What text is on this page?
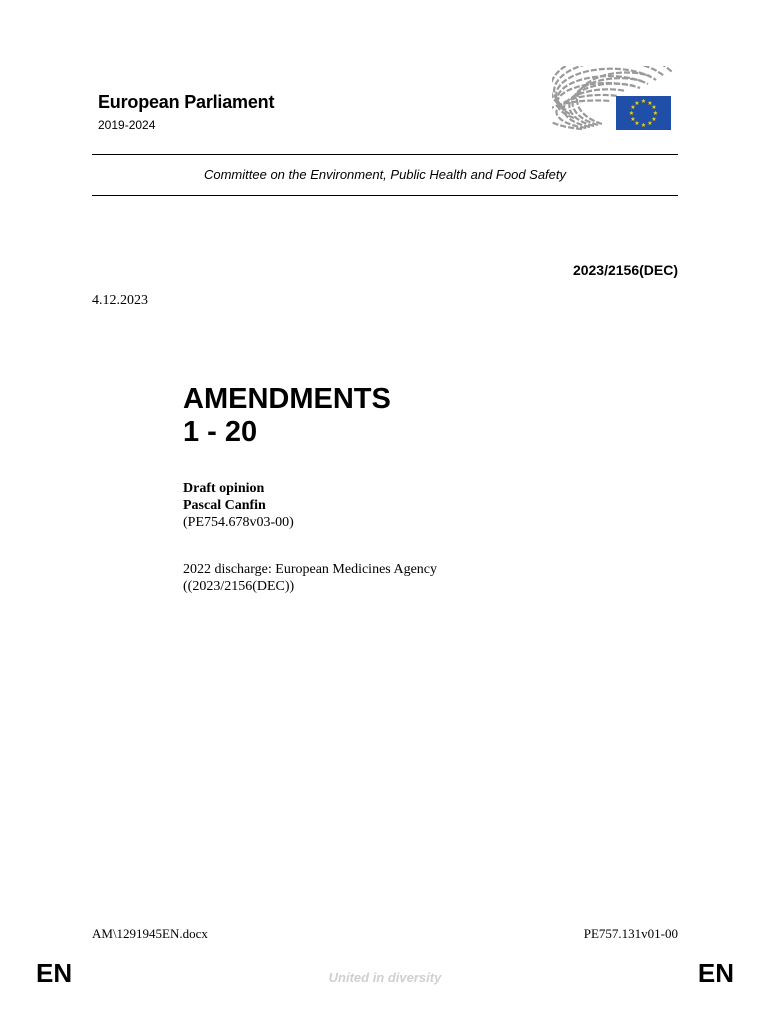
European Parliament
2019-2024
★ ★
★
★
★
★
★
★
★
★
★
★
Committee on the Environment, Public Health and Food Safety
2023/2156(DEC)
4.12.2023
AMENDMENTS
1 - 20
Draft opinion
Pascal Canfin
(PE754.678v03-00)
2022 discharge: European Medicines Agency
((2023/2156(DEC))
AM\1291945EN.docx	PE757.131v01-00
EN	United in diversity	EN
